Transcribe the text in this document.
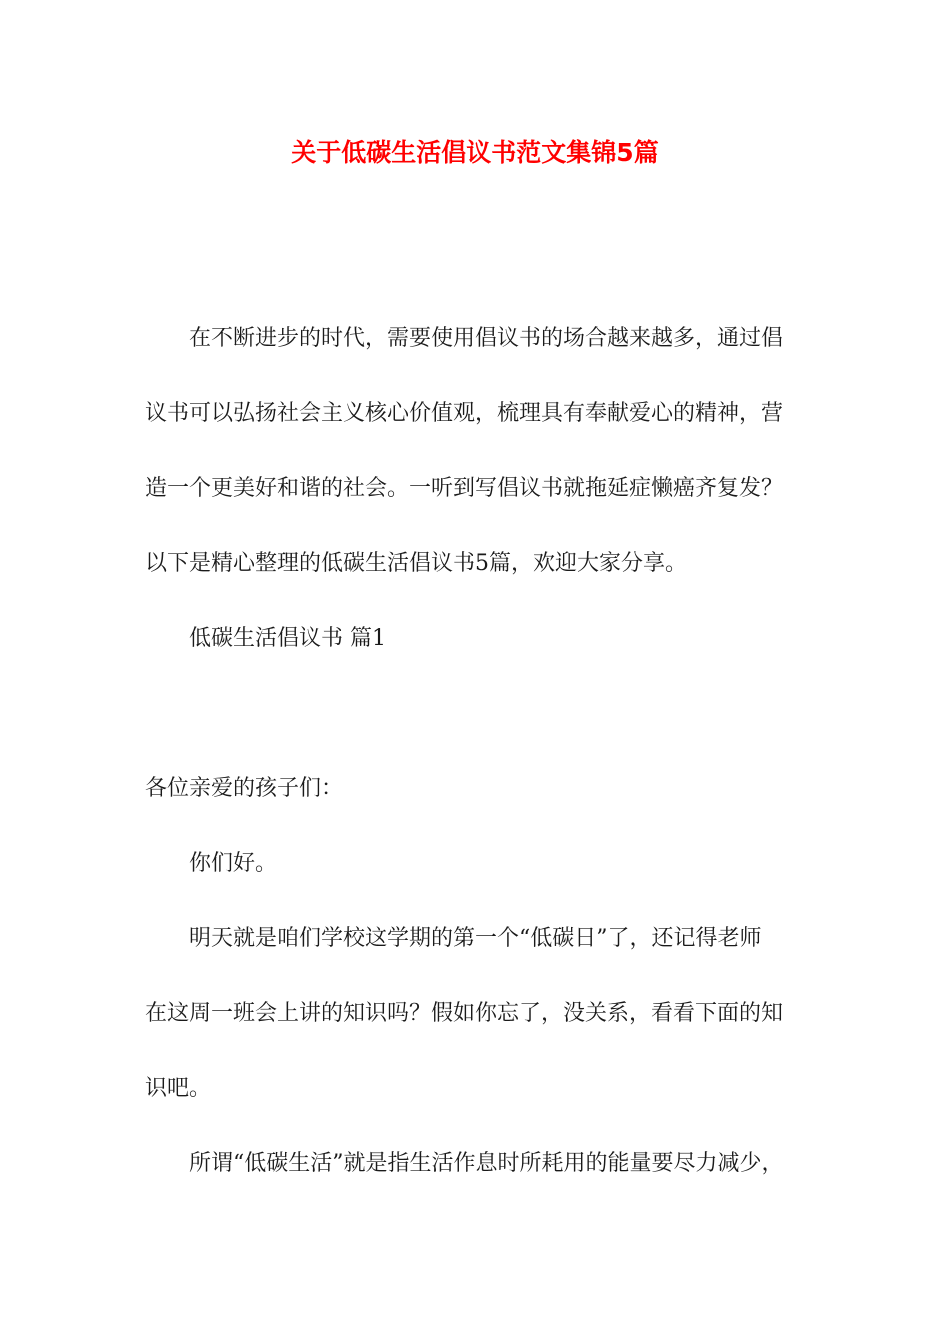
关于低碳生活倡议书范文集锦5篇

在不断进步的时代，需要使用倡议书的场合越来越多，通过倡

议书可以弘扬社会主义核心价值观，梳理具有奉献爱心的精神，营

造一个更美好和谐的社会。一听到写倡议书就拖延症懒癌齐复发？

以下是精心整理的低碳生活倡议书5篇，欢迎大家分享。

低碳生活倡议书 篇1

各位亲爱的孩子们：

你们好。

明天就是咱们学校这学期的第一个“低碳日”了，还记得老师

在这周一班会上讲的知识吗？假如你忘了，没关系，看看下面的知

识吧。

所谓“低碳生活”就是指生活作息时所耗用的能量要尽力减少，
